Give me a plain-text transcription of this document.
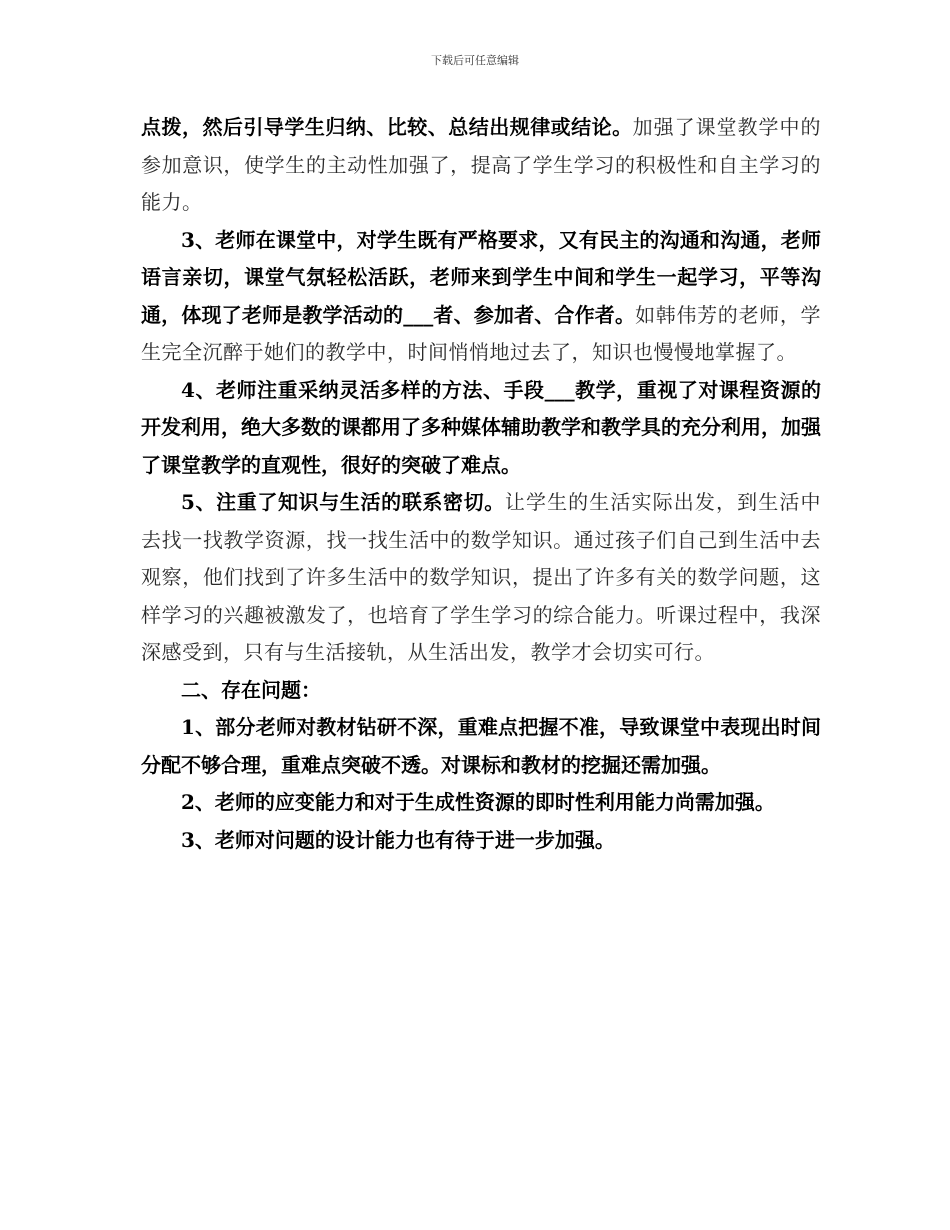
下载后可任意编辑

点拨，然后引导学生归纳、比较、总结出规律或结论。加强了课堂教学中的参加意识，使学生的主动性加强了，提高了学生学习的积极性和自主学习的能力。

3、老师在课堂中，对学生既有严格要求，又有民主的沟通和沟通，老师语言亲切，课堂气氛轻松活跃，老师来到学生中间和学生一起学习，平等沟通，体现了老师是教学活动的___者、参加者、合作者。如韩伟芳的老师，学生完全沉醉于她们的教学中，时间悄悄地过去了，知识也慢慢地掌握了。

4、老师注重采纳灵活多样的方法、手段___教学，重视了对课程资源的开发利用，绝大多数的课都用了多种媒体辅助教学和教学具的充分利用，加强了课堂教学的直观性，很好的突破了难点。

5、注重了知识与生活的联系密切。让学生的生活实际出发，到生活中去找一找教学资源，找一找生活中的数学知识。通过孩子们自己到生活中去观察，他们找到了许多生活中的数学知识，提出了许多有关的数学问题，这样学习的兴趣被激发了，也培育了学生学习的综合能力。听课过程中，我深深感受到，只有与生活接轨，从生活出发，教学才会切实可行。

二、存在问题：

1、部分老师对教材钻研不深，重难点把握不准，导致课堂中表现出时间分配不够合理，重难点突破不透。对课标和教材的挖掘还需加强。

2、老师的应变能力和对于生成性资源的即时性利用能力尚需加强。

3、老师对问题的设计能力也有待于进一步加强。
